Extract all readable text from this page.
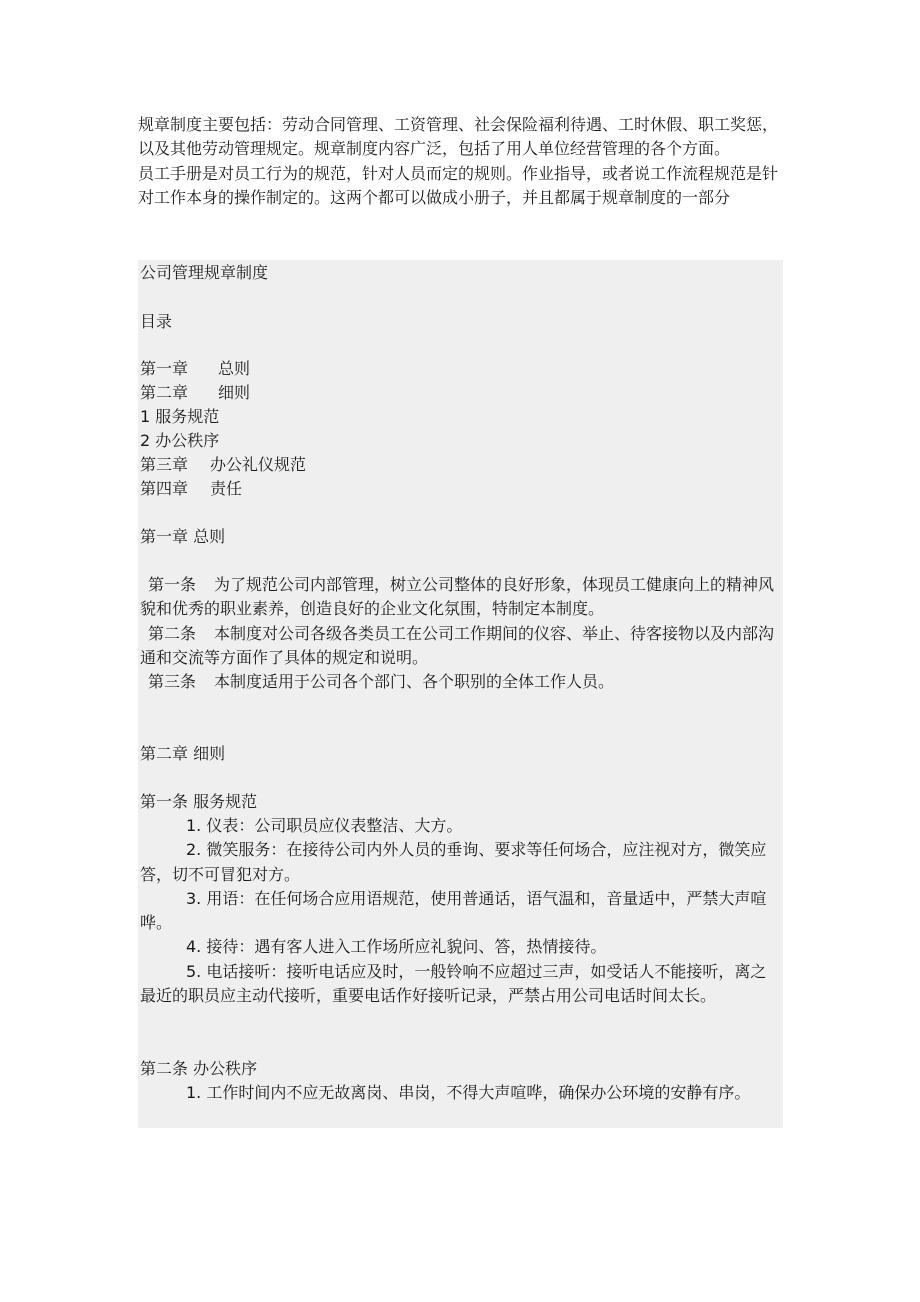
规章制度主要包括：劳动合同管理、工资管理、社会保险福利待遇、工时休假、职工奖惩，以及其他劳动管理规定。规章制度内容广泛，包括了用人单位经营管理的各个方面。

员工手册是对员工行为的规范，针对人员而定的规则。作业指导，或者说工作流程规范是针对工作本身的操作制定的。这两个都可以做成小册子，并且都属于规章制度的一部分

公司管理规章制度
目录
第一章 总则
第二章 细则
1 服务规范
2 办公秩序
第三章 办公礼仪规范
第四章 责任
第一章 总则

第一条 为了规范公司内部管理，树立公司整体的良好形象，体现员工健康向上的精神风貌和优秀的职业素养，创造良好的企业文化氛围，特制定本制度。

第二条 本制度对公司各级各类员工在公司工作期间的仪容、举止、待客接物以及内部沟通和交流等方面作了具体的规定和说明。

第三条 本制度适用于公司各个部门、各个职别的全体工作人员。

第二章 细则
第一条 服务规范

1. 仪表：公司职员应仪表整洁、大方。

2. 微笑服务：在接待公司内外人员的垂询、要求等任何场合，应注视对方，微笑应答，切不可冒犯对方。

3. 用语：在任何场合应用语规范，使用普通话，语气温和，音量适中，严禁大声喧哗。

4. 接待：遇有客人进入工作场所应礼貌问、答，热情接待。

5. 电话接听：接听电话应及时，一般铃响不应超过三声，如受话人不能接听，离之最近的职员应主动代接听，重要电话作好接听记录，严禁占用公司电话时间太长。

第二条 办公秩序

1. 工作时间内不应无故离岗、串岗，不得大声喧哗，确保办公环境的安静有序。
